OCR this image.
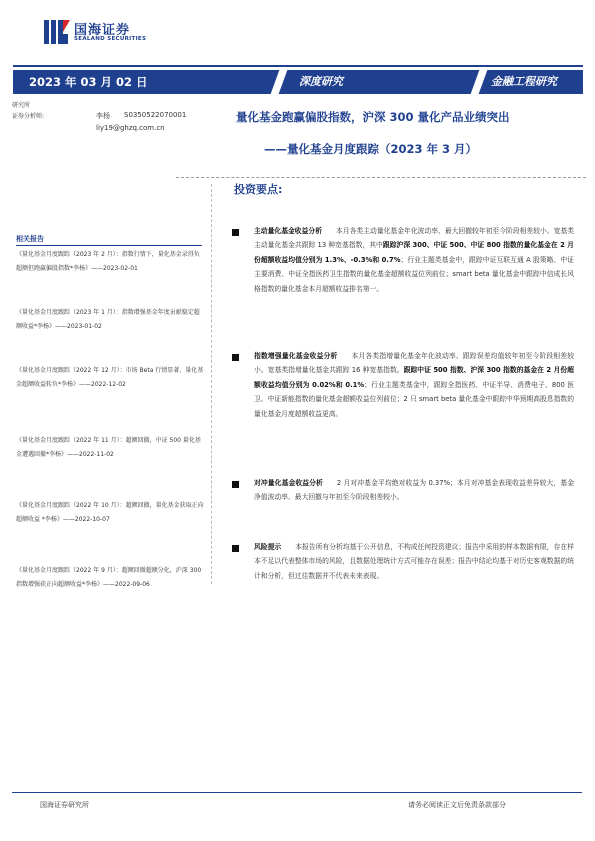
国海证券
SEALAND SECURITIES
2023 年 03 月 02 日	深度研究	金融工程研究
研究所
证券分析师:	李杨 S0350522070001
liy19@ghzq.com.cn
量化基金跑赢偏股指数，沪深 300 量化产品业绩突出
——量化基金月度跟踪（2023 年 3 月）
投资要点:
相关报告
《量化基金月度跟踪（2023 年 2 月）：指数行情下，量化基金录得负超额但跑赢偏股指数*李杨》——2023-02-01
《量化基金月度跟踪（2023 年 1 月）：指数增强基金年度贡献稳定超额收益*李杨》——2023-01-02
《量化基金月度跟踪（2022 年 12 月）：市场 Beta 行情显著、量化基金超额收益转负*李杨》——2022-12-02
《量化基金月度跟踪（2022 年 11 月）：超额回撤，中证 500 量化基金遭遇回撤*李杨》——2022-11-02
《量化基金月度跟踪（2022 年 10 月）：超额回撤，量化基金获取正向超额收益 *李杨》——2022-10-07
《量化基金月度跟踪（2022 年 9 月）：超额回撤超额分化，沪深 300 指数增强获正向超额收益*李杨》——2022-09-06
主动量化基金收益分析 本月各类主动量化基金年化波动率、最大回撤较年初至今阶段相差较小。宽基类主动量化基金共跟踪 13 种宽基指数，其中跟踪沪深 300、中证 500、中证 800 指数的量化基金在 2 月份超额收益均值分别为 1.3%、-0.3%和 0.7%；行业主题类基金中，跟踪中证互联互通 A 股策略、中证主要消费、中证全指医药卫生指数的量化基金超额收益位列前位；smart beta 量化基金中跟踪中信成长风格指数的量化基金本月超额收益排名第一。
指数增强量化基金收益分析 本月各类指增量化基金年化波动率、跟踪误差均值较年初至今阶段相差较小。宽基类指增量化基金共跟踪 16 种宽基指数。跟踪中证 500 指数、沪深 300 指数的基金在 2 月份超额收益均值分别为 0.02%和 0.1%；行业主题类基金中，跟踪全指医药、中证半导、消费电子、800 医卫、中证新能指数的量化基金超额收益位列前位；2 只 smart beta 量化基金中跟踪中华预期高股息指数的量化基金月度超额收益更高。
对冲量化基金收益分析 2 月对冲基金平均绝对收益为 0.37%；本月对冲基金表现收益差异较大，基金净值波动率、最大回撤与年初至今阶段相差较小。
风险提示 本报告所有分析均基于公开信息，不构成任何投资建议；报告中采用的样本数据有限，存在样本不足以代表整体市场的风险，且数据处理统计方式可能存在误差；报告中结论均基于对历史客观数据的统计和分析，但过往数据并不代表未来表现。
国海证券研究所	请务必阅读正文后免责条款部分
